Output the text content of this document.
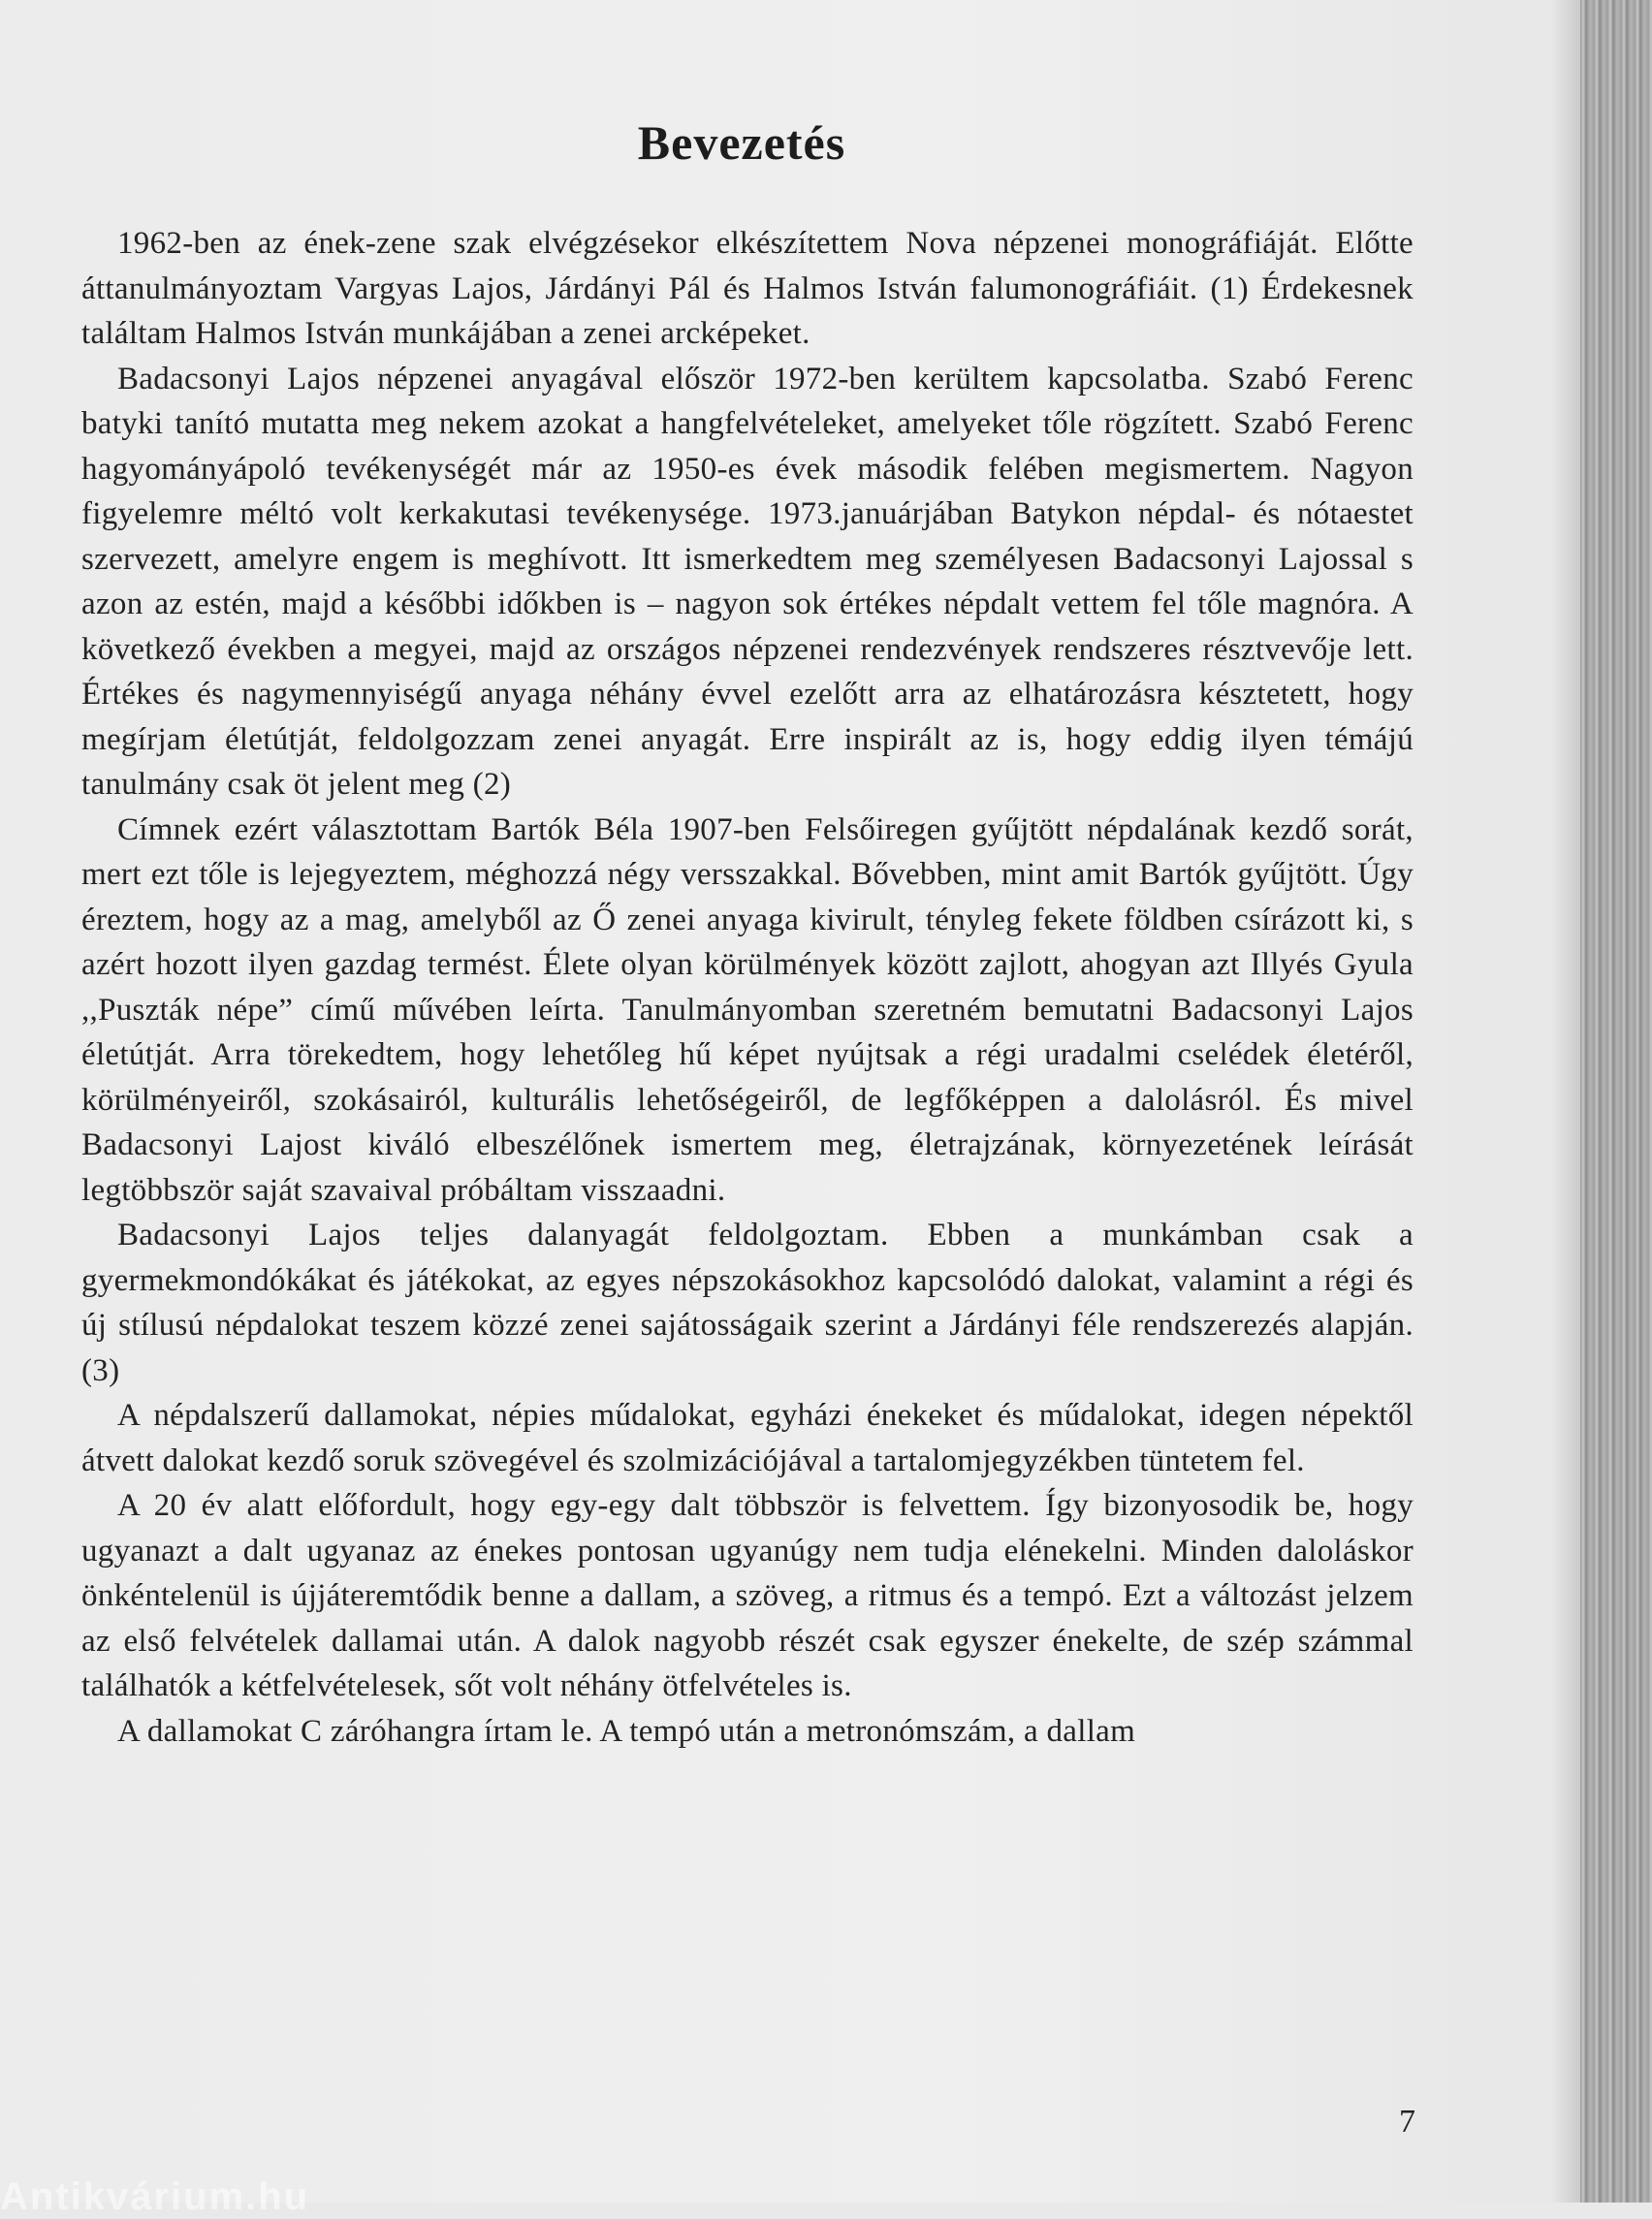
Bevezetés

1962-ben az ének-zene szak elvégzésekor elkészítettem Nova népzenei monográfiáját. Előtte áttanulmányoztam Vargyas Lajos, Járdányi Pál és Halmos István falumonográfiáit. (1) Érdekesnek találtam Halmos István munkájában a zenei arcképeket.

Badacsonyi Lajos népzenei anyagával először 1972-ben kerültem kapcsolatba. Szabó Ferenc batyki tanító mutatta meg nekem azokat a hangfelvételeket, amelyeket tőle rögzített. Szabó Ferenc hagyományápoló tevékenységét már az 1950-es évek második felében megismertem. Nagyon figyelemre méltó volt kerkakutasi tevékenysége. 1973.januárjában Batykon népdal- és nótaestet szervezett, amelyre engem is meghívott. Itt ismerkedtem meg személyesen Badacsonyi Lajossal s azon az estén, majd a későbbi időkben is – nagyon sok értékes népdalt vettem fel tőle magnóra. A következő években a megyei, majd az országos népzenei rendezvények rendszeres résztvevője lett. Értékes és nagymennyiségű anyaga néhány évvel ezelőtt arra az elhatározásra késztetett, hogy megírjam életútját, feldolgozzam zenei anyagát. Erre inspirált az is, hogy eddig ilyen témájú tanulmány csak öt jelent meg (2)

Címnek ezért választottam Bartók Béla 1907-ben Felsőiregen gyűjtött népdalának kezdő sorát, mert ezt tőle is lejegyeztem, méghozzá négy versszakkal. Bővebben, mint amit Bartók gyűjtött. Úgy éreztem, hogy az a mag, amelyből az Ő zenei anyaga kivirult, tényleg fekete földben csírázott ki, s azért hozott ilyen gazdag termést. Élete olyan körülmények között zajlott, ahogyan azt Illyés Gyula ,,Puszták népe” című művében leírta. Tanulmányomban szeretném bemutatni Badacsonyi Lajos életútját. Arra törekedtem, hogy lehetőleg hű képet nyújtsak a régi uradalmi cselédek életéről, körülményeiről, szokásairól, kulturális lehetőségeiről, de legfőképpen a dalolásról. És mivel Badacsonyi Lajost kiváló elbeszélőnek ismertem meg, életrajzának, környezetének leírását legtöbbször saját szavaival próbáltam visszaadni.

Badacsonyi Lajos teljes dalanyagát feldolgoztam. Ebben a munkámban csak a gyermekmondókákat és játékokat, az egyes népszokásokhoz kapcsolódó dalokat, valamint a régi és új stílusú népdalokat teszem közzé zenei sajátosságaik szerint a Járdányi féle rendszerezés alapján. (3)

A népdalszerű dallamokat, népies műdalokat, egyházi énekeket és műdalokat, idegen népektől átvett dalokat kezdő soruk szövegével és szolmizációjával a tartalomjegyzékben tüntetem fel.

A 20 év alatt előfordult, hogy egy-egy dalt többször is felvettem. Így bizonyosodik be, hogy ugyanazt a dalt ugyanaz az énekes pontosan ugyanúgy nem tudja elénekelni. Minden daloláskor önkéntelenül is újjáteremtődik benne a dallam, a szöveg, a ritmus és a tempó. Ezt a változást jelzem az első felvételek dallamai után. A dalok nagyobb részét csak egyszer énekelte, de szép számmal találhatók a kétfelvételesek, sőt volt néhány ötfelvételes is.

A dallamokat C záróhangra írtam le. A tempó után a metronómszám, a dallam

7
Antikvárium.hu
